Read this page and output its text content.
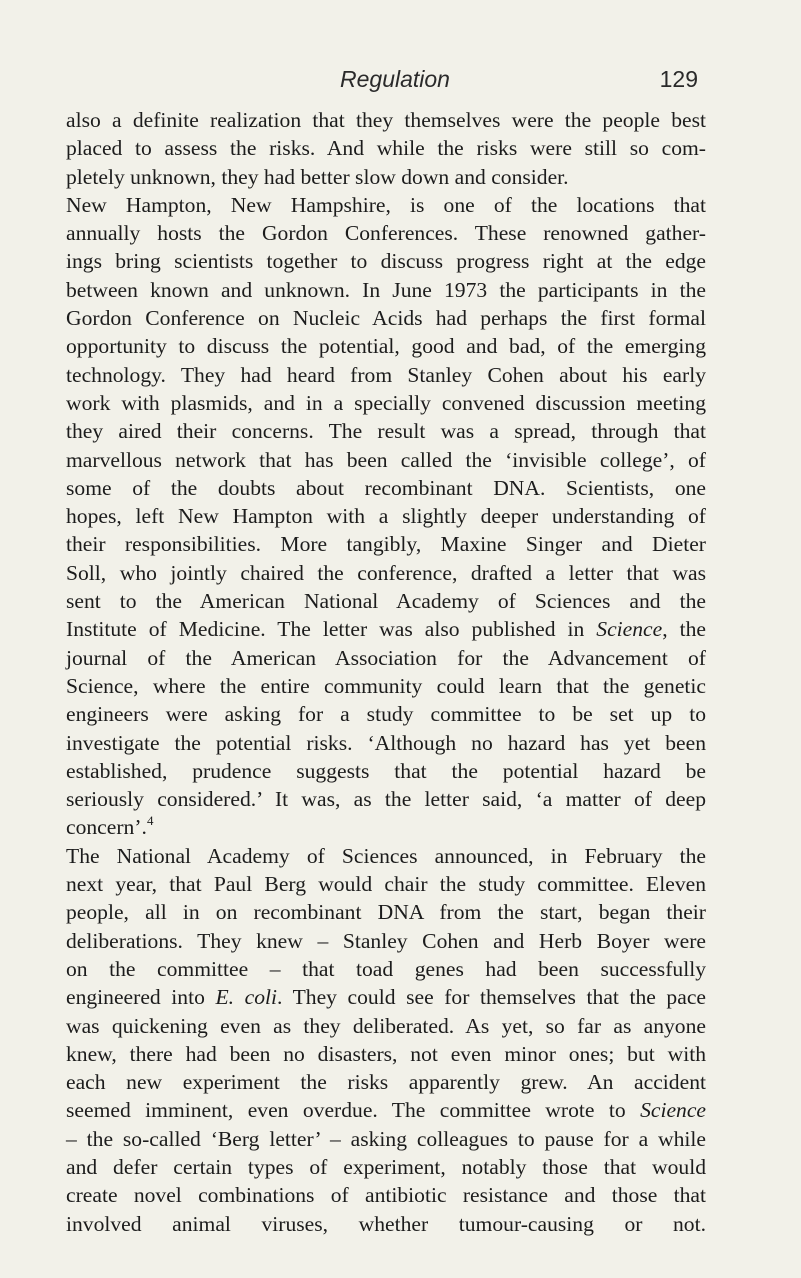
Regulation	129
also a definite realization that they themselves were the people best
placed to assess the risks. And while the risks were still so com-
pletely unknown, they had better slow down and consider.
New Hampton, New Hampshire, is one of the locations that
annually hosts the Gordon Conferences. These renowned gather-
ings bring scientists together to discuss progress right at the edge
between known and unknown. In June 1973 the participants in the
Gordon Conference on Nucleic Acids had perhaps the first formal
opportunity to discuss the potential, good and bad, of the emerging
technology. They had heard from Stanley Cohen about his early
work with plasmids, and in a specially convened discussion meeting
they aired their concerns. The result was a spread, through that
marvellous network that has been called the ‘invisible college’, of
some of the doubts about recombinant DNA. Scientists, one
hopes, left New Hampton with a slightly deeper understanding of
their responsibilities. More tangibly, Maxine Singer and Dieter
Soll, who jointly chaired the conference, drafted a letter that was
sent to the American National Academy of Sciences and the
Institute of Medicine. The letter was also published in Science, the
journal of the American Association for the Advancement of
Science, where the entire community could learn that the genetic
engineers were asking for a study committee to be set up to
investigate the potential risks. ‘Although no hazard has yet been
established, prudence suggests that the potential hazard be
seriously considered.’ It was, as the letter said, ‘a matter of deep
concern’.$^4$
The National Academy of Sciences announced, in February the
next year, that Paul Berg would chair the study committee. Eleven
people, all in on recombinant DNA from the start, began their
deliberations. They knew – Stanley Cohen and Herb Boyer were
on the committee – that toad genes had been successfully
engineered into E. coli. They could see for themselves that the pace
was quickening even as they deliberated. As yet, so far as anyone
knew, there had been no disasters, not even minor ones; but with
each new experiment the risks apparently grew. An accident
seemed imminent, even overdue. The committee wrote to Science
– the so-called ‘Berg letter’ – asking colleagues to pause for a while
and defer certain types of experiment, notably those that would
create novel combinations of antibiotic resistance and those that
involved animal viruses, whether tumour-causing or not.
